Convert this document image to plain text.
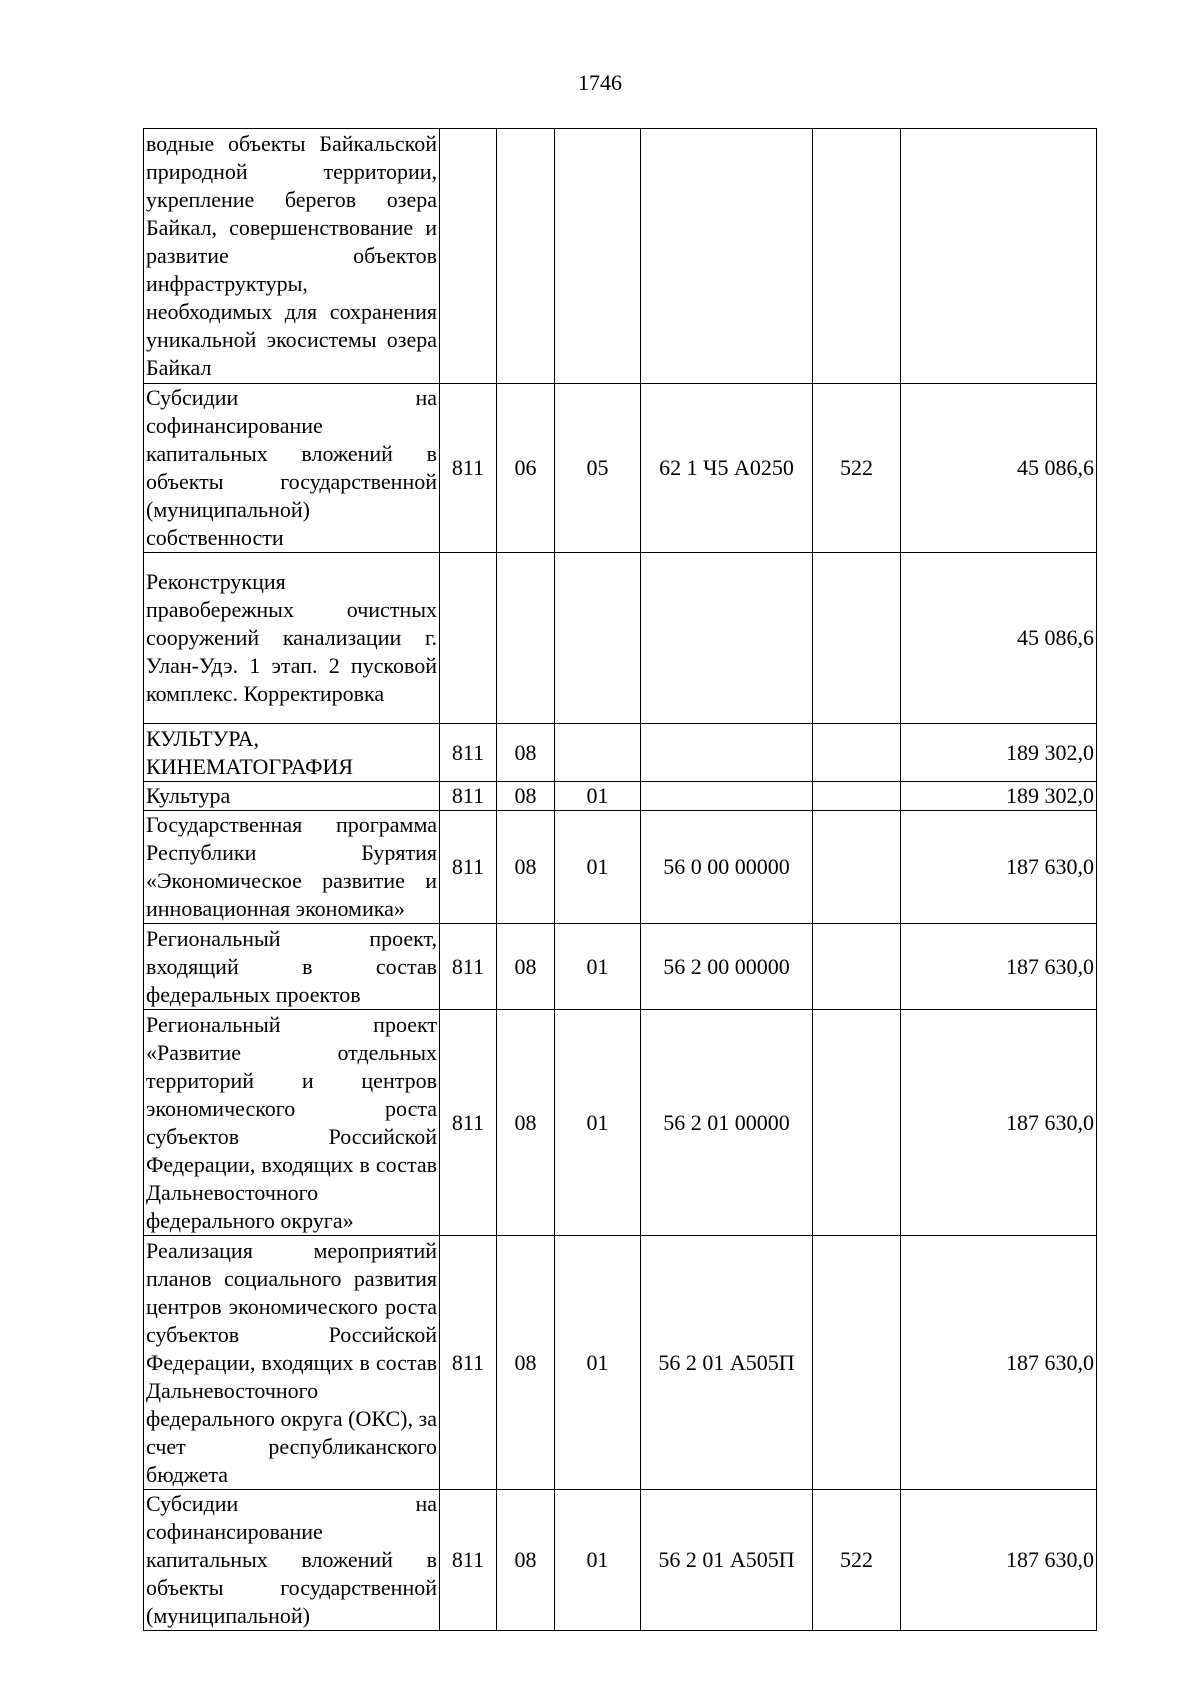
1746
водные объекты Байкальской природной территории, укрепление берегов озера Байкал, совершенствование и развитие объектов инфраструктуры, необходимых для сохранения уникальной экосистемы озера Байкал						
Субсидии на софинансирование капитальных вложений в объекты государственной (муниципальной) собственности	811	06	05	62 1 Ч5 А0250	522	45 086,6
Реконструкция правобережных очистных сооружений канализации г. Улан-Удэ. 1 этап. 2 пусковой комплекс. Корректировка						45 086,6
КУЛЬТУРА, КИНЕМАТОГРАФИЯ	811	08				189 302,0
Культура	811	08	01			189 302,0
Государственная программа Республики Бурятия «Экономическое развитие и инновационная экономика»	811	08	01	56 0 00 00000		187 630,0
Региональный проект, входящий в состав федеральных проектов	811	08	01	56 2 00 00000		187 630,0
Региональный проект «Развитие отдельных территорий и центров экономического роста субъектов Российской Федерации, входящих в состав Дальневосточного федерального округа»	811	08	01	56 2 01 00000		187 630,0
Реализация мероприятий планов социального развития центров экономического роста субъектов Российской Федерации, входящих в состав Дальневосточного федерального округа (ОКС), за счет республиканского бюджета	811	08	01	56 2 01 А505П		187 630,0
Субсидии на софинансирование капитальных вложений в объекты государственной (муниципальной)	811	08	01	56 2 01 А505П	522	187 630,0
